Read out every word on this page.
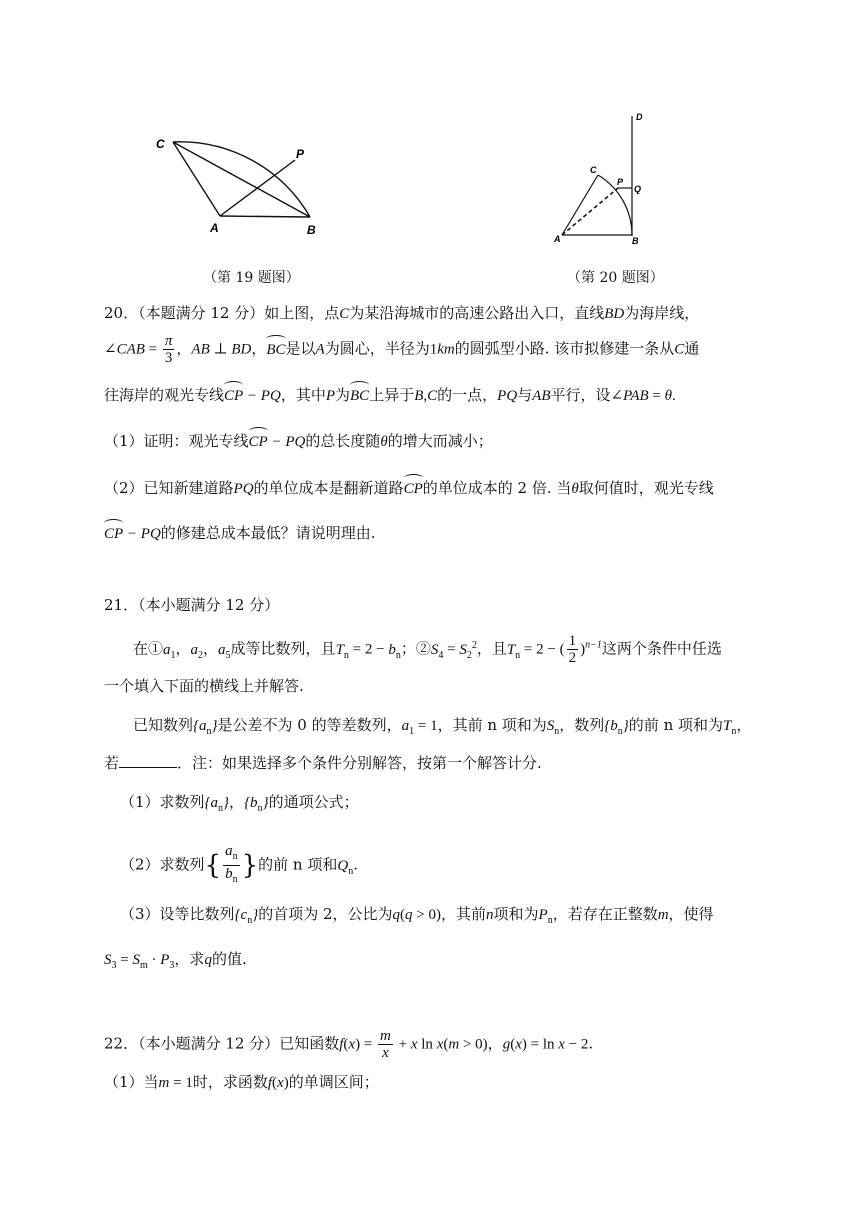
C
P
A	B
（第 19 题图）
D
C
P
Q
A	B
（第 20 题图）
20．（本题满分 12 分）如上图，点C为某沿海城市的高速公路出入口，直线BD为海岸线，
∠CAB = $\frac{\pi}{3}$ ，AB ⊥ BD，BC是以A为圆心，半径为1km的圆弧型小路. 该市拟修建一条从C通
往海岸的观光专线CP − PQ，其中P为BC上异于B,C的一点，PQ与AB平行，设∠PAB = θ.
（1）证明：观光专线CP − PQ的总长度随θ的增大而减小；
（2）已知新建道路PQ的单位成本是翻新道路CP的单位成本的 2 倍. 当θ取何值时，观光专线
CP − PQ的修建总成本最低？请说明理由.
21．（本小题满分 12 分）
在$①a_1$，$a_2$，$a_5$成等比数列，且$T_n = 2 - b_n$；$②S_4 = S_2^2$，且$T_n = 2$ − ( $\frac{1}{2} )^{n-1}$这两个条件中任选
一个填入下面的横线上并解答.
已知数列$\{a_n\}$是公差不为 0 的等差数列，$a_1 = 1$，其前 n 项和为$S_n$，数列$\{b_n\}$的前 n 项和为$T_n$，
若	．注：如果选择多个条件分别解答，按第一个解答计分.
（1）求数列$\{a_n\}$，$\{b_n\}$的通项公式；
（2）求数列{ $\frac{a_n}{b_n}$ }的前 n 项和$Q_n$.
（3）设等比数列$\{c_n\}$的首项为 2，公比为q(q > 0)，其前n项和为$P_n$，若存在正整数m，使得
$S_3 = S_m \cdot P_3$，求q的值.
22．（本小题满分 12 分）已知函数$f(x) = \frac{m}{x} + x$ ln x(m > 0)，g(x) = ln x − 2.
（1）当m = 1时，求函数f(x)的单调区间；
